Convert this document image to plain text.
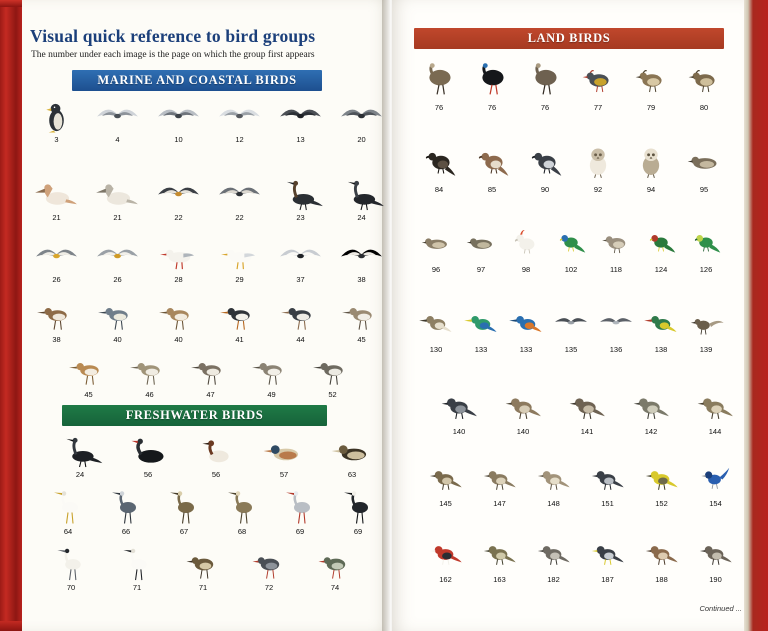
Visual quick reference to bird groups
The number under each image is the page on which the group first appears
MARINE AND COASTAL BIRDS
FRESHWATER BIRDS
LAND BIRDS
3	4	10	12	13	20
21	21	22	22	23	24
26	26	28	29	37	38
38	40	40	41	44	45
45	46	47	49	52
24	56	56	57	63
64	66	67	68	69	69
70	71	71	72	74
76	76	76	77	79	80
84	85	90	92	94	95
96	97	98	102	118	124	126
130	133	133	135	136	138	139
140	140	141	142	144
145	147	148	151	152	154
162	163	182	187	188	190
Continued ...
